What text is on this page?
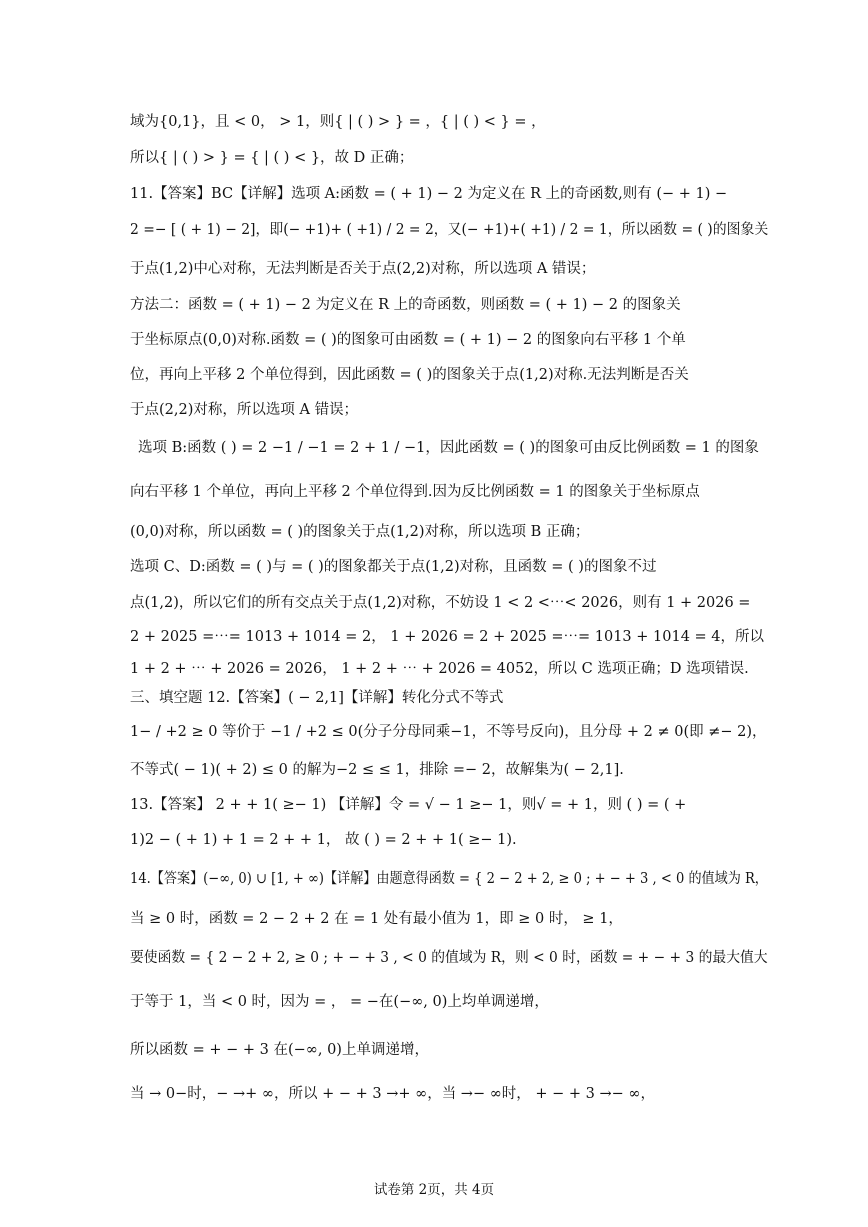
域为{0,1}，且 < 0， > 1，则{ | ( ) > } = ，{ | ( ) < } = ，
所以{ | ( ) > } = { | ( ) < }，故 D 正确；
11.【答案】BC【详解】选项 A:函数 = ( + 1) − 2 为定义在 R 上的奇函数,则有 (− + 1) −
2 =− [ ( + 1) − 2]，即(− +1)+ ( +1) / 2 = 2，又(− +1)+( +1) / 2 = 1，所以函数 = ( )的图象关
于点(1,2)中心对称，无法判断是否关于点(2,2)对称，所以选项 A 错误；
方法二：函数 = ( + 1) − 2 为定义在 R 上的奇函数，则函数 = ( + 1) − 2 的图象关
于坐标原点(0,0)对称.函数 = ( )的图象可由函数 = ( + 1) − 2 的图象向右平移 1 个单
位，再向上平移 2 个单位得到，因此函数 = ( )的图象关于点(1,2)对称.无法判断是否关
于点(2,2)对称，所以选项 A 错误；
选项 B:函数 ( ) = 2 −1 / −1 = 2 + 1 / −1，因此函数 = ( )的图象可由反比例函数 = 1 的图象
向右平移 1 个单位，再向上平移 2 个单位得到.因为反比例函数 = 1 的图象关于坐标原点
(0,0)对称，所以函数 = ( )的图象关于点(1,2)对称，所以选项 B 正确；
选项 C、D:函数 = ( )与 = ( )的图象都关于点(1,2)对称，且函数 = ( )的图象不过
点(1,2)，所以它们的所有交点关于点(1,2)对称，不妨设 1 < 2 <⋯< 2026，则有 1 + 2026 =
2 + 2025 =⋯= 1013 + 1014 = 2， 1 + 2026 = 2 + 2025 =⋯= 1013 + 1014 = 4，所以
1 + 2 + ⋯ + 2026 = 2026， 1 + 2 + ⋯ + 2026 = 4052，所以 C 选项正确；D 选项错误.
三、填空题 12.【答案】( − 2,1]【详解】转化分式不等式
1− / +2 ≥ 0 等价于 −1 / +2 ≤ 0(分子分母同乘−1，不等号反向)，且分母 + 2 ≠ 0(即 ≠− 2)，
不等式( − 1)( + 2) ≤ 0 的解为−2 ≤ ≤ 1，排除 =− 2，故解集为( − 2,1].
13.【答案】 2 + + 1( ≥− 1) 【详解】令 = √ − 1 ≥− 1，则√ = + 1，则 ( ) = ( +
1)2 − ( + 1) + 1 = 2 + + 1， 故 ( ) = 2 + + 1( ≥− 1).
14.【答案】(−∞, 0) ∪ [1, + ∞)【详解】由题意得函数 = { 2 − 2 + 2, ≥ 0 ; + − + 3 , < 0 的值域为 R，
当 ≥ 0 时，函数 = 2 − 2 + 2 在 = 1 处有最小值为 1，即 ≥ 0 时， ≥ 1，
要使函数 = { 2 − 2 + 2, ≥ 0 ; + − + 3 , < 0 的值域为 R，则 < 0 时，函数 = + − + 3 的最大值大
于等于 1，当 < 0 时，因为 = ， = −在(−∞, 0)上均单调递增，
所以函数 = + − + 3 在(−∞, 0)上单调递增，
当 → 0−时，− →+ ∞，所以 + − + 3 →+ ∞，当 →− ∞时， + − + 3 →− ∞，
试卷第 2页，共 4页
